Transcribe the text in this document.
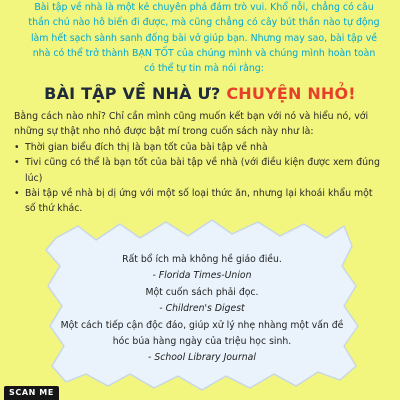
Bài tập về nhà là một kẻ chuyên phá đám trò vui. Khổ nỗi, chẳng có câu thần chú nào hô biến đi được, mà cũng chẳng có cây bút thần nào tự động làm hết sạch sành sanh đống bài vở giúp bạn. Nhưng may sao, bài tập về nhà có thể trở thành BẠN TỐT của chúng mình và chúng mình hoàn toàn có thể tự tin mà nói rằng:
BÀI TẬP VỀ NHÀ Ư? CHUYỆN NHỎ!

Bằng cách nào nhỉ? Chỉ cần mình cũng muốn kết bạn với nó và hiểu nó, với những sự thật nho nhỏ được bật mí trong cuốn sách này như là:

• Thời gian biểu đích thị là bạn tốt của bài tập về nhà
• Tivi cũng có thể là bạn tốt của bài tập về nhà (với điều kiện được xem đúng lúc)
• Bài tập về nhà bị dị ứng với một số loại thức ăn, nhưng lại khoái khẩu một số thứ khác.
Rất bổ ích mà không hề giáo điều.
- Florida Times-Union
Một cuốn sách phải đọc.
- Children's Digest
Một cách tiếp cận độc đáo, giúp xử lý nhẹ nhàng một vấn đề hóc búa hàng ngày của triệu học sinh.
- School Library Journal
SCAN ME
